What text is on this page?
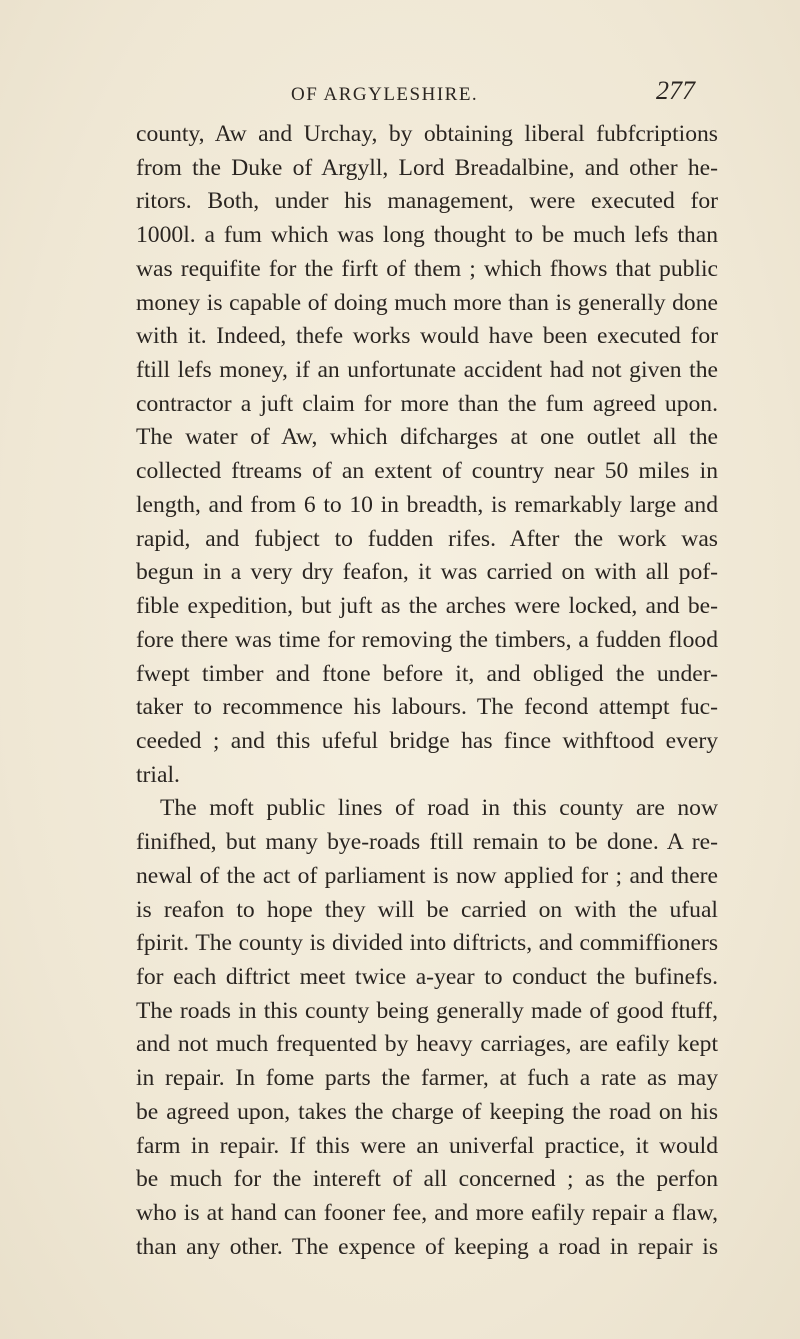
OF ARGYLESHIRE.	277
county, Aw and Urchay, by obtaining liberal fubfcriptions
from the Duke of Argyll, Lord Breadalbine, and other he-
ritors. Both, under his management, were executed for
1000l. a fum which was long thought to be much lefs than
was requifite for the firft of them ; which fhows that public
money is capable of doing much more than is generally done
with it. Indeed, thefe works would have been executed for
ftill lefs money, if an unfortunate accident had not given the
contractor a juft claim for more than the fum agreed upon.
The water of Aw, which difcharges at one outlet all the
collected ftreams of an extent of country near 50 miles in
length, and from 6 to 10 in breadth, is remarkably large and
rapid, and fubject to fudden rifes. After the work was
begun in a very dry feafon, it was carried on with all pof-
fible expedition, but juft as the arches were locked, and be-
fore there was time for removing the timbers, a fudden flood
fwept timber and ftone before it, and obliged the under-
taker to recommence his labours. The fecond attempt fuc-
ceeded ; and this ufeful bridge has fince withftood every
trial.
The moft public lines of road in this county are now
finifhed, but many bye-roads ftill remain to be done. A re-
newal of the act of parliament is now applied for ; and there
is reafon to hope they will be carried on with the ufual
fpirit. The county is divided into diftricts, and commiffioners
for each diftrict meet twice a-year to conduct the bufinefs.
The roads in this county being generally made of good ftuff,
and not much frequented by heavy carriages, are eafily kept
in repair. In fome parts the farmer, at fuch a rate as may
be agreed upon, takes the charge of keeping the road on his
farm in repair. If this were an univerfal practice, it would
be much for the intereft of all concerned ; as the perfon
who is at hand can fooner fee, and more eafily repair a flaw,
than any other. The expence of keeping a road in repair is
